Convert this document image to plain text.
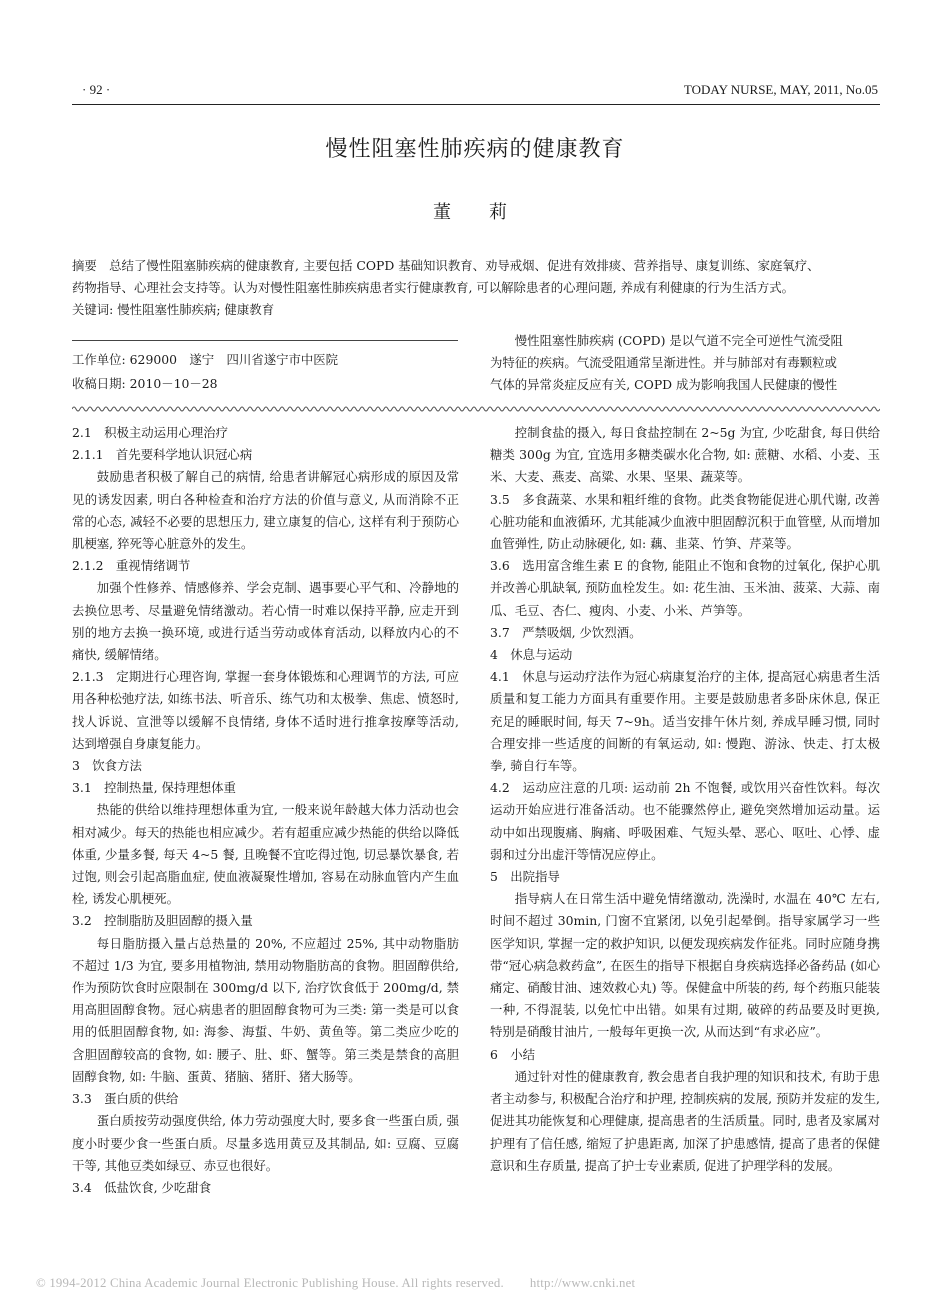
· 92 ·	TODAY NURSE, MAY, 2011, No.05
慢性阻塞性肺疾病的健康教育
董　莉

摘要　总结了慢性阻塞肺疾病的健康教育, 主要包括 COPD 基础知识教育、劝导戒烟、促进有效排痰、营养指导、康复训练、家庭氧疗、

药物指导、心理社会支持等。认为对慢性阻塞性肺疾病患者实行健康教育, 可以解除患者的心理问题, 养成有利健康的行为生活方式。

关键词: 慢性阻塞性肺疾病; 健康教育

工作单位: 629000　遂宁　四川省遂宁市中医院
收稿日期: 2010－10－28

慢性阻塞性肺疾病 (COPD) 是以气道不完全可逆性气流受阻

为特征的疾病。气流受阻通常呈渐进性。并与肺部对有毒颗粒或

气体的异常炎症反应有关, COPD 成为影响我国人民健康的慢性

2.1　积极主动运用心理治疗

2.1.1　首先要科学地认识冠心病

鼓励患者积极了解自己的病情, 给患者讲解冠心病形成的原因及常见的诱发因素, 明白各种检查和治疗方法的价值与意义, 从而消除不正常的心态, 减轻不必要的思想压力, 建立康复的信心, 这样有利于预防心肌梗塞, 猝死等心脏意外的发生。

2.1.2　重视情绪调节

加强个性修养、情感修养、学会克制、遇事要心平气和、冷静地的去换位思考、尽量避免情绪激动。若心情一时难以保持平静, 应走开到别的地方去换一换环境, 或进行适当劳动或体育活动, 以释放内心的不痛快, 缓解情绪。

2.1.3　定期进行心理咨询, 掌握一套身体锻炼和心理调节的方法, 可应用各种松弛疗法, 如练书法、听音乐、练气功和太极拳、焦虑、愤怒时, 找人诉说、宣泄等以缓解不良情绪, 身体不适时进行推拿按摩等活动, 达到增强自身康复能力。

3　饮食方法

3.1　控制热量, 保持理想体重

热能的供给以维持理想体重为宜, 一般来说年龄越大体力活动也会相对减少。每天的热能也相应减少。若有超重应减少热能的供给以降低体重, 少量多餐, 每天 4~5 餐, 且晚餐不宜吃得过饱, 切忌暴饮暴食, 若过饱, 则会引起高脂血症, 使血液凝聚性增加, 容易在动脉血管内产生血栓, 诱发心肌梗死。

3.2　控制脂肪及胆固醇的摄入量

每日脂肪摄入量占总热量的 20%, 不应超过 25%, 其中动物脂肪不超过 1/3 为宜, 要多用植物油, 禁用动物脂肪高的食物。胆固醇供给, 作为预防饮食时应限制在 300mg/d 以下, 治疗饮食低于 200mg/d, 禁用高胆固醇食物。冠心病患者的胆固醇食物可为三类: 第一类是可以食用的低胆固醇食物, 如: 海参、海蜇、牛奶、黄鱼等。第二类应少吃的含胆固醇较高的食物, 如: 腰子、肚、虾、蟹等。第三类是禁食的高胆固醇食物, 如: 牛脑、蛋黄、猪脑、猪肝、猪大肠等。

3.3　蛋白质的供给

蛋白质按劳动强度供给, 体力劳动强度大时, 要多食一些蛋白质, 强度小时要少食一些蛋白质。尽量多选用黄豆及其制品, 如: 豆腐、豆腐干等, 其他豆类如绿豆、赤豆也很好。

3.4　低盐饮食, 少吃甜食

控制食盐的摄入, 每日食盐控制在 2~5g 为宜, 少吃甜食, 每日供给糖类 300g 为宜, 宜选用多糖类碳水化合物, 如: 蔗糖、水稻、小麦、玉米、大麦、燕麦、高粱、水果、坚果、蔬菜等。

3.5　多食蔬菜、水果和粗纤维的食物。此类食物能促进心肌代谢, 改善心脏功能和血液循环, 尤其能减少血液中胆固醇沉积于血管壁, 从而增加血管弹性, 防止动脉硬化, 如: 藕、韭菜、竹笋、芹菜等。

3.6　选用富含维生素 E 的食物, 能阻止不饱和食物的过氧化, 保护心肌并改善心肌缺氧, 预防血栓发生。如: 花生油、玉米油、菠菜、大蒜、南瓜、毛豆、杏仁、瘦肉、小麦、小米、芦笋等。

3.7　严禁吸烟, 少饮烈酒。

4　休息与运动

4.1　休息与运动疗法作为冠心病康复治疗的主体, 提高冠心病患者生活质量和复工能力方面具有重要作用。主要是鼓励患者多卧床休息, 保正充足的睡眠时间, 每天 7~9h。适当安排午休片刻, 养成早睡习惯, 同时合理安排一些适度的间断的有氧运动, 如: 慢跑、游泳、快走、打太极拳, 骑自行车等。

4.2　运动应注意的几项: 运动前 2h 不饱餐, 或饮用兴奋性饮料。每次运动开始应进行准备活动。也不能骤然停止, 避免突然增加运动量。运动中如出现腹痛、胸痛、呼吸困难、气短头晕、恶心、呕吐、心悸、虚弱和过分出虚汗等情况应停止。

5　出院指导

指导病人在日常生活中避免情绪激动, 洗澡时, 水温在 40℃ 左右, 时间不超过 30min, 门窗不宜紧闭, 以免引起晕倒。指导家属学习一些医学知识, 掌握一定的救护知识, 以便发现疾病发作征兆。同时应随身携带“冠心病急救药盒”, 在医生的指导下根据自身疾病选择必备药品 (如心痛定、硝酸甘油、速效救心丸) 等。保健盒中所装的药, 每个药瓶只能装一种, 不得混装, 以免忙中出错。如果有过期, 破碎的药品要及时更换, 特别是硝酸甘油片, 一般每年更换一次, 从而达到“有求必应”。

6　小结

通过针对性的健康教育, 教会患者自我护理的知识和技术, 有助于患者主动参与, 积极配合治疗和护理, 控制疾病的发展, 预防并发症的发生, 促进其功能恢复和心理健康, 提高患者的生活质量。同时, 患者及家属对护理有了信任感, 缩短了护患距离, 加深了护患感情, 提高了患者的保健意识和生存质量, 提高了护士专业素质, 促进了护理学科的发展。

© 1994-2012 China Academic Journal Electronic Publishing House. All rights reserved.　　http://www.cnki.net
